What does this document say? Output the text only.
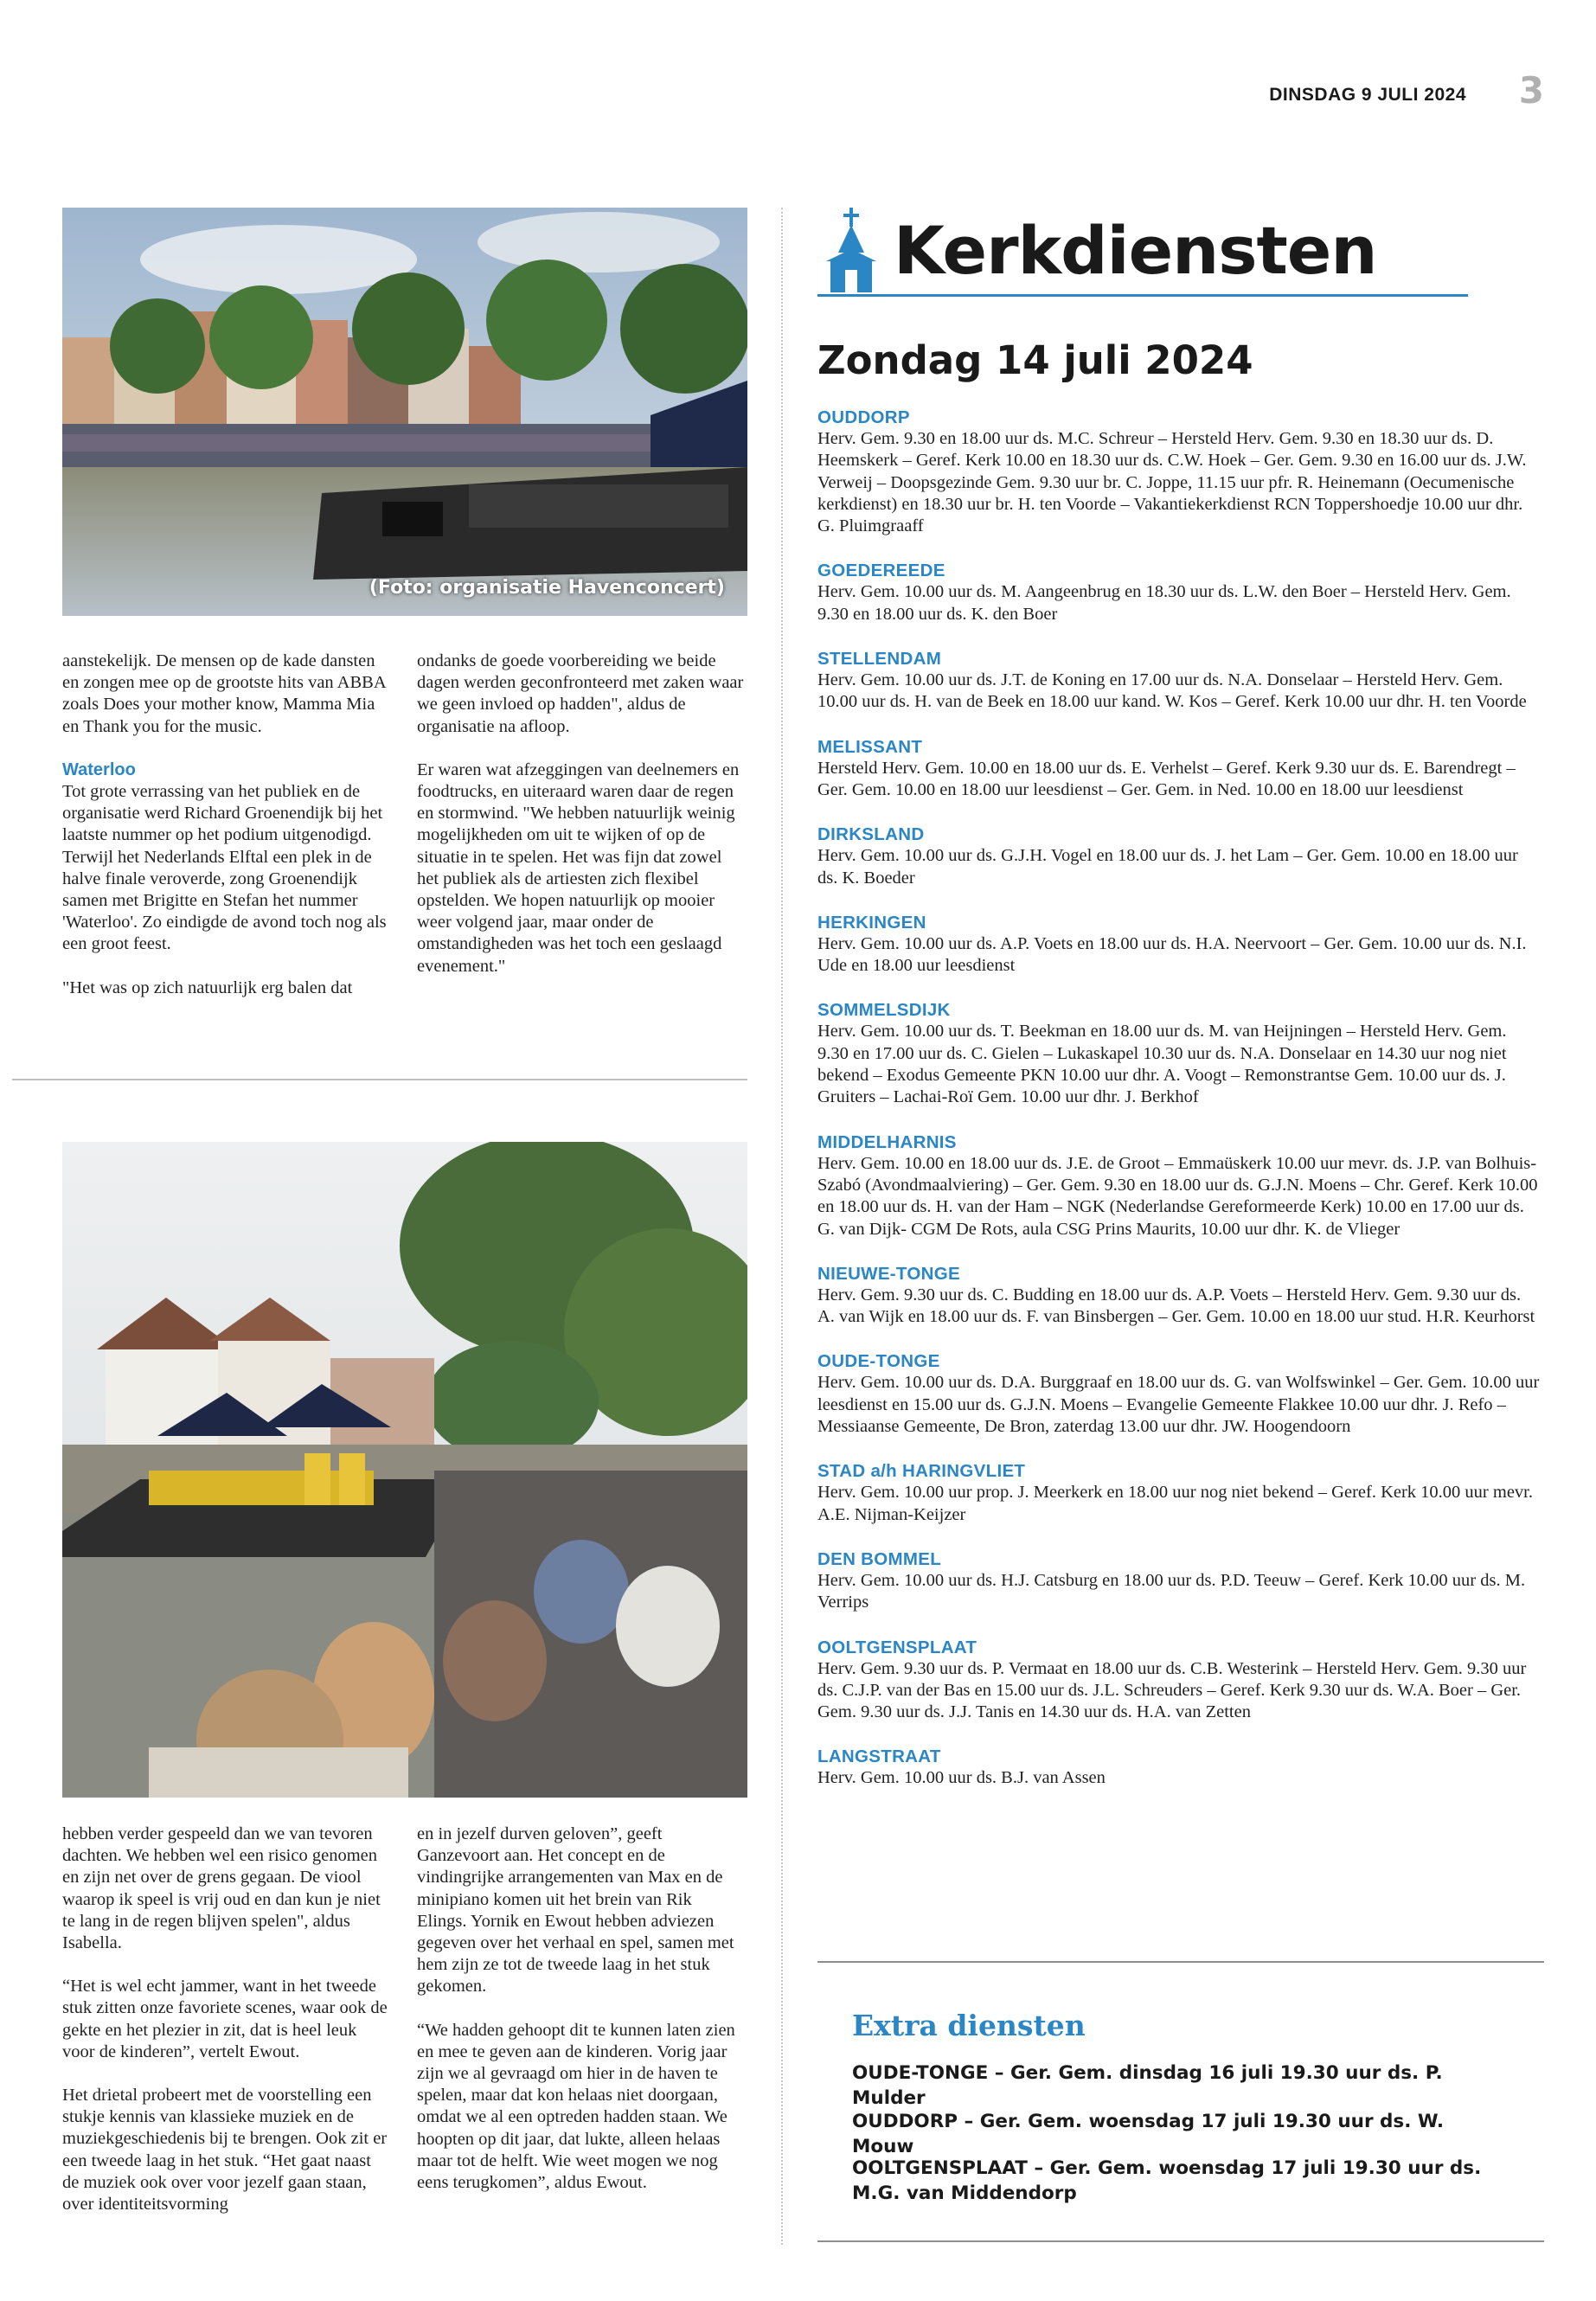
DINSDAG 9 JULI 2024 3
(Foto: organisatie Havenconcert)

aanstekelijk. De mensen op de kade dansten en zongen mee op de grootste hits van ABBA zoals Does your mother know, Mamma Mia en Thank you for the music.

Waterloo
Tot grote verrassing van het publiek en de organisatie werd Richard Groenendijk bij het laatste nummer op het podium uitgenodigd. Terwijl het Nederlands Elftal een plek in de halve finale veroverde, zong Groenendijk samen met Brigitte en Stefan het nummer 'Waterloo'. Zo eindigde de avond toch nog als een groot feest.

"Het was op zich natuurlijk erg balen dat

ondanks de goede voorbereiding we beide dagen werden geconfronteerd met zaken waar we geen invloed op hadden", aldus de organisatie na afloop.

Er waren wat afzeggingen van deelnemers en foodtrucks, en uiteraard waren daar de regen en stormwind. "We hebben natuurlijk weinig mogelijkheden om uit te wijken of op de situatie in te spelen. Het was fijn dat zowel het publiek als de artiesten zich flexibel opstelden. We hopen natuurlijk op mooier weer volgend jaar, maar onder de omstandigheden was het toch een geslaagd evenement."

hebben verder gespeeld dan we van tevoren dachten. We hebben wel een risico genomen en zijn net over de grens gegaan. De viool waarop ik speel is vrij oud en dan kun je niet te lang in de regen blijven spelen", aldus Isabella.

“Het is wel echt jammer, want in het tweede stuk zitten onze favoriete scenes, waar ook de gekte en het plezier in zit, dat is heel leuk voor de kinderen”, vertelt Ewout.

Het drietal probeert met de voorstelling een stukje kennis van klassieke muziek en de muziekgeschiedenis bij te brengen. Ook zit er een tweede laag in het stuk. “Het gaat naast de muziek ook over voor jezelf gaan staan, over identiteitsvorming

en in jezelf durven geloven”, geeft Ganzevoort aan. Het concept en de vindingrijke arrangementen van Max en de minipiano komen uit het brein van Rik Elings. Yornik en Ewout hebben adviezen gegeven over het verhaal en spel, samen met hem zijn ze tot de tweede laag in het stuk gekomen.

“We hadden gehoopt dit te kunnen laten zien en mee te geven aan de kinderen. Vorig jaar zijn we al gevraagd om hier in de haven te spelen, maar dat kon helaas niet doorgaan, omdat we al een optreden hadden staan. We hoopten op dit jaar, dat lukte, alleen helaas maar tot de helft. Wie weet mogen we nog eens terugkomen”, aldus Ewout.

Kerkdiensten
Zondag 14 juli 2024
OUDDORP
Herv. Gem. 9.30 en 18.00 uur ds. M.C. Schreur – Hersteld Herv. Gem. 9.30 en 18.30 uur ds. D. Heemskerk – Geref. Kerk 10.00 en 18.30 uur ds. C.W. Hoek – Ger. Gem. 9.30 en 16.00 uur ds. J.W. Verweij – Doopsgezinde Gem. 9.30 uur br. C. Joppe, 11.15 uur pfr. R. Heinemann (Oecumenische kerkdienst) en 18.30 uur br. H. ten Voorde – Vakantiekerkdienst RCN Toppershoedje 10.00 uur dhr. G. Pluimgraaff
GOEDEREEDE
Herv. Gem. 10.00 uur ds. M. Aangeenbrug en 18.30 uur ds. L.W. den Boer – Hersteld Herv. Gem. 9.30 en 18.00 uur ds. K. den Boer
STELLENDAM
Herv. Gem. 10.00 uur ds. J.T. de Koning en 17.00 uur ds. N.A. Donselaar – Hersteld Herv. Gem. 10.00 uur ds. H. van de Beek en 18.00 uur kand. W. Kos – Geref. Kerk 10.00 uur dhr. H. ten Voorde
MELISSANT
Hersteld Herv. Gem. 10.00 en 18.00 uur ds. E. Verhelst – Geref. Kerk 9.30 uur ds. E. Barendregt – Ger. Gem. 10.00 en 18.00 uur leesdienst – Ger. Gem. in Ned. 10.00 en 18.00 uur leesdienst
DIRKSLAND
Herv. Gem. 10.00 uur ds. G.J.H. Vogel en 18.00 uur ds. J. het Lam – Ger. Gem. 10.00 en 18.00 uur ds. K. Boeder
HERKINGEN
Herv. Gem. 10.00 uur ds. A.P. Voets en 18.00 uur ds. H.A. Neervoort – Ger. Gem. 10.00 uur ds. N.I. Ude en 18.00 uur leesdienst
SOMMELSDIJK
Herv. Gem. 10.00 uur ds. T. Beekman en 18.00 uur ds. M. van Heijningen – Hersteld Herv. Gem. 9.30 en 17.00 uur ds. C. Gielen – Lukaskapel 10.30 uur ds. N.A. Donselaar en 14.30 uur nog niet bekend – Exodus Gemeente PKN 10.00 uur dhr. A. Voogt – Remonstrantse Gem. 10.00 uur ds. J. Gruiters – Lachai-Roï Gem. 10.00 uur dhr. J. Berkhof
MIDDELHARNIS
Herv. Gem. 10.00 en 18.00 uur ds. J.E. de Groot – Emmaüskerk 10.00 uur mevr. ds. J.P. van Bolhuis-Szabó (Avondmaalviering) – Ger. Gem. 9.30 en 18.00 uur ds. G.J.N. Moens – Chr. Geref. Kerk 10.00 en 18.00 uur ds. H. van der Ham – NGK (Nederlandse Gereformeerde Kerk) 10.00 en 17.00 uur ds. G. van Dijk- CGM De Rots, aula CSG Prins Maurits, 10.00 uur dhr. K. de Vlieger
NIEUWE-TONGE
Herv. Gem. 9.30 uur ds. C. Budding en 18.00 uur ds. A.P. Voets – Hersteld Herv. Gem. 9.30 uur ds. A. van Wijk en 18.00 uur ds. F. van Binsbergen – Ger. Gem. 10.00 en 18.00 uur stud. H.R. Keurhorst
OUDE-TONGE
Herv. Gem. 10.00 uur ds. D.A. Burggraaf en 18.00 uur ds. G. van Wolfswinkel – Ger. Gem. 10.00 uur leesdienst en 15.00 uur ds. G.J.N. Moens – Evangelie Gemeente Flakkee 10.00 uur dhr. J. Refo – Messiaanse Gemeente, De Bron, zaterdag 13.00 uur dhr. JW. Hoogendoorn
STAD a/h HARINGVLIET
Herv. Gem. 10.00 uur prop. J. Meerkerk en 18.00 uur nog niet bekend – Geref. Kerk 10.00 uur mevr. A.E. Nijman-Keijzer
DEN BOMMEL
Herv. Gem. 10.00 uur ds. H.J. Catsburg en 18.00 uur ds. P.D. Teeuw – Geref. Kerk 10.00 uur ds. M. Verrips
OOLTGENSPLAAT
Herv. Gem. 9.30 uur ds. P. Vermaat en 18.00 uur ds. C.B. Westerink – Hersteld Herv. Gem. 9.30 uur ds. C.J.P. van der Bas en 15.00 uur ds. J.L. Schreuders – Geref. Kerk 9.30 uur ds. W.A. Boer – Ger. Gem. 9.30 uur ds. J.J. Tanis en 14.30 uur ds. H.A. van Zetten
LANGSTRAAT
Herv. Gem. 10.00 uur ds. B.J. van Assen
Extra diensten
OUDE-TONGE – Ger. Gem. dinsdag 16 juli 19.30 uur ds. P. Mulder
OUDDORP – Ger. Gem. woensdag 17 juli 19.30 uur ds. W. Mouw
OOLTGENSPLAAT – Ger. Gem. woensdag 17 juli 19.30 uur ds. M.G. van Middendorp
